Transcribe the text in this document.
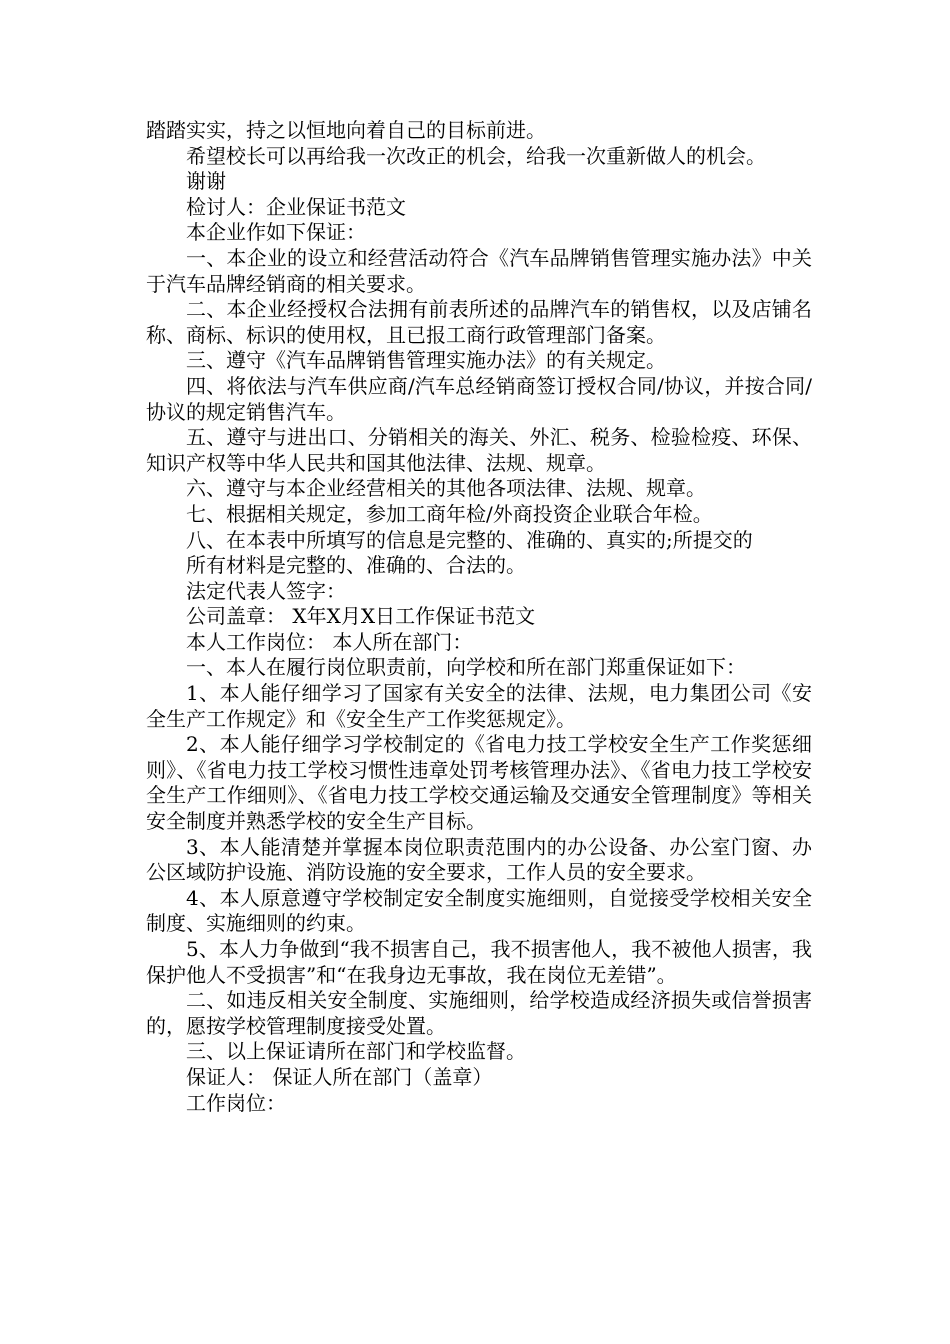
踏踏实实，持之以恒地向着自己的目标前进。

希望校长可以再给我一次改正的机会，给我一次重新做人的机会。

谢谢

检讨人：企业保证书范文

本企业作如下保证：

一、本企业的设立和经营活动符合《汽车品牌销售管理实施办法》中关于汽车品牌经销商的相关要求。

二、本企业经授权合法拥有前表所述的品牌汽车的销售权，以及店铺名称、商标、标识的使用权，且已报工商行政管理部门备案。

三、遵守《汽车品牌销售管理实施办法》的有关规定。

四、将依法与汽车供应商/汽车总经销商签订授权合同/协议，并按合同/协议的规定销售汽车。

五、遵守与进出口、分销相关的海关、外汇、税务、检验检疫、环保、知识产权等中华人民共和国其他法律、法规、规章。

六、遵守与本企业经营相关的其他各项法律、法规、规章。

七、根据相关规定，参加工商年检/外商投资企业联合年检。

八、在本表中所填写的信息是完整的、准确的、真实的;所提交的

所有材料是完整的、准确的、合法的。

法定代表人签字：

公司盖章： X年X月X日工作保证书范文

本人工作岗位： 本人所在部门：

一、本人在履行岗位职责前，向学校和所在部门郑重保证如下：

1、本人能仔细学习了国家有关安全的法律、法规，电力集团公司《安全生产工作规定》和《安全生产工作奖惩规定》。

2、本人能仔细学习学校制定的《省电力技工学校安全生产工作奖惩细则》、《省电力技工学校习惯性违章处罚考核管理办法》、《省电力技工学校安全生产工作细则》、《省电力技工学校交通运输及交通安全管理制度》等相关安全制度并熟悉学校的安全生产目标。

3、本人能清楚并掌握本岗位职责范围内的办公设备、办公室门窗、办公区域防护设施、消防设施的安全要求，工作人员的安全要求。

4、本人原意遵守学校制定安全制度实施细则，自觉接受学校相关安全制度、实施细则的约束。

5、本人力争做到“我不损害自己，我不损害他人，我不被他人损害，我保护他人不受损害”和“在我身边无事故，我在岗位无差错”。

二、如违反相关安全制度、实施细则，给学校造成经济损失或信誉损害的，愿按学校管理制度接受处置。

三、以上保证请所在部门和学校监督。

保证人： 保证人所在部门（盖章）

工作岗位：
